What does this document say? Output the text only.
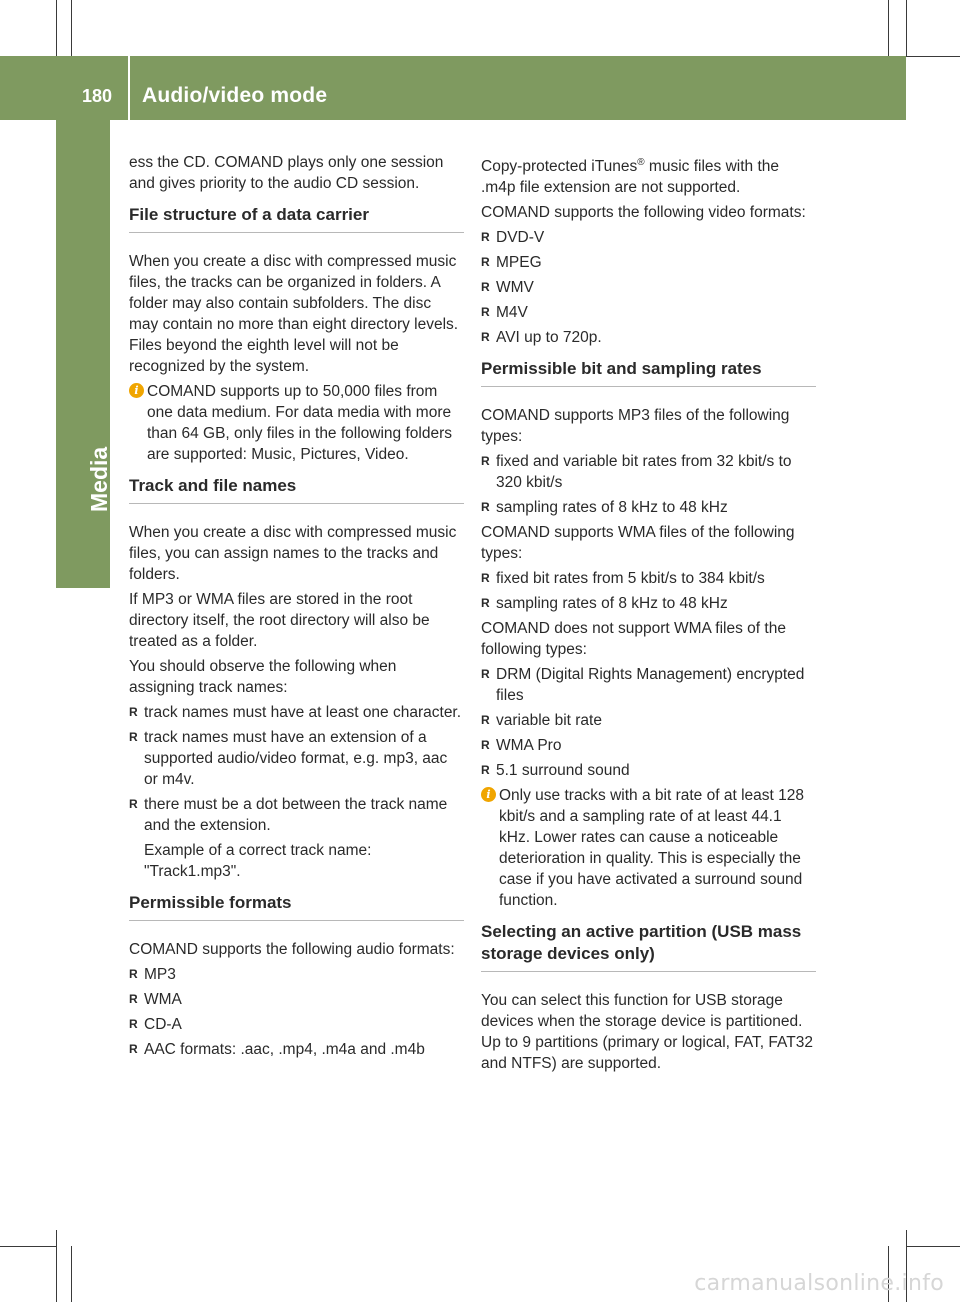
180	Audio/video mode
Media

ess the CD. COMAND plays only one session and gives priority to the audio CD session.

File structure of a data carrier

When you create a disc with compressed music files, the tracks can be organized in folders. A folder may also contain subfolders. The disc may contain no more than eight directory levels. Files beyond the eighth level will not be recognized by the system.

i COMAND supports up to 50,000 files from one data medium. For data media with more than 64 GB, only files in the following folders are supported: Music, Pictures, Video.
Track and file names

When you create a disc with compressed music files, you can assign names to the tracks and folders.

If MP3 or WMA files are stored in the root directory itself, the root directory will also be treated as a folder.

You should observe the following when assigning track names:

R track names must have at least one character.
R track names must have an extension of a supported audio/video format, e.g. mp3, aac or m4v.
R there must be a dot between the track name and the extension.

Example of a correct track name: "Track1.mp3".

Permissible formats

COMAND supports the following audio formats:

R MP3
R WMA
R CD-A
R AAC formats: .aac, .mp4, .m4a and .m4b

Copy-protected iTunes® music files with the .m4p file extension are not supported.

COMAND supports the following video formats:

R DVD-V
R MPEG
R WMV
R M4V
R AVI up to 720p.
Permissible bit and sampling rates

COMAND supports MP3 files of the following types:

R fixed and variable bit rates from 32 kbit/s to 320 kbit/s
R sampling rates of 8 kHz to 48 kHz

COMAND supports WMA files of the following types:

R fixed bit rates from 5 kbit/s to 384 kbit/s
R sampling rates of 8 kHz to 48 kHz

COMAND does not support WMA files of the following types:

R DRM (Digital Rights Management) encrypted files
R variable bit rate
R WMA Pro
R 5.1 surround sound
i Only use tracks with a bit rate of at least 128 kbit/s and a sampling rate of at least 44.1 kHz. Lower rates can cause a noticeable deterioration in quality. This is especially the case if you have activated a surround sound function.
Selecting an active partition (USB mass storage devices only)

You can select this function for USB storage devices when the storage device is partitioned. Up to 9 partitions (primary or logical, FAT, FAT32 and NTFS) are supported.

carmanualsonline.info
